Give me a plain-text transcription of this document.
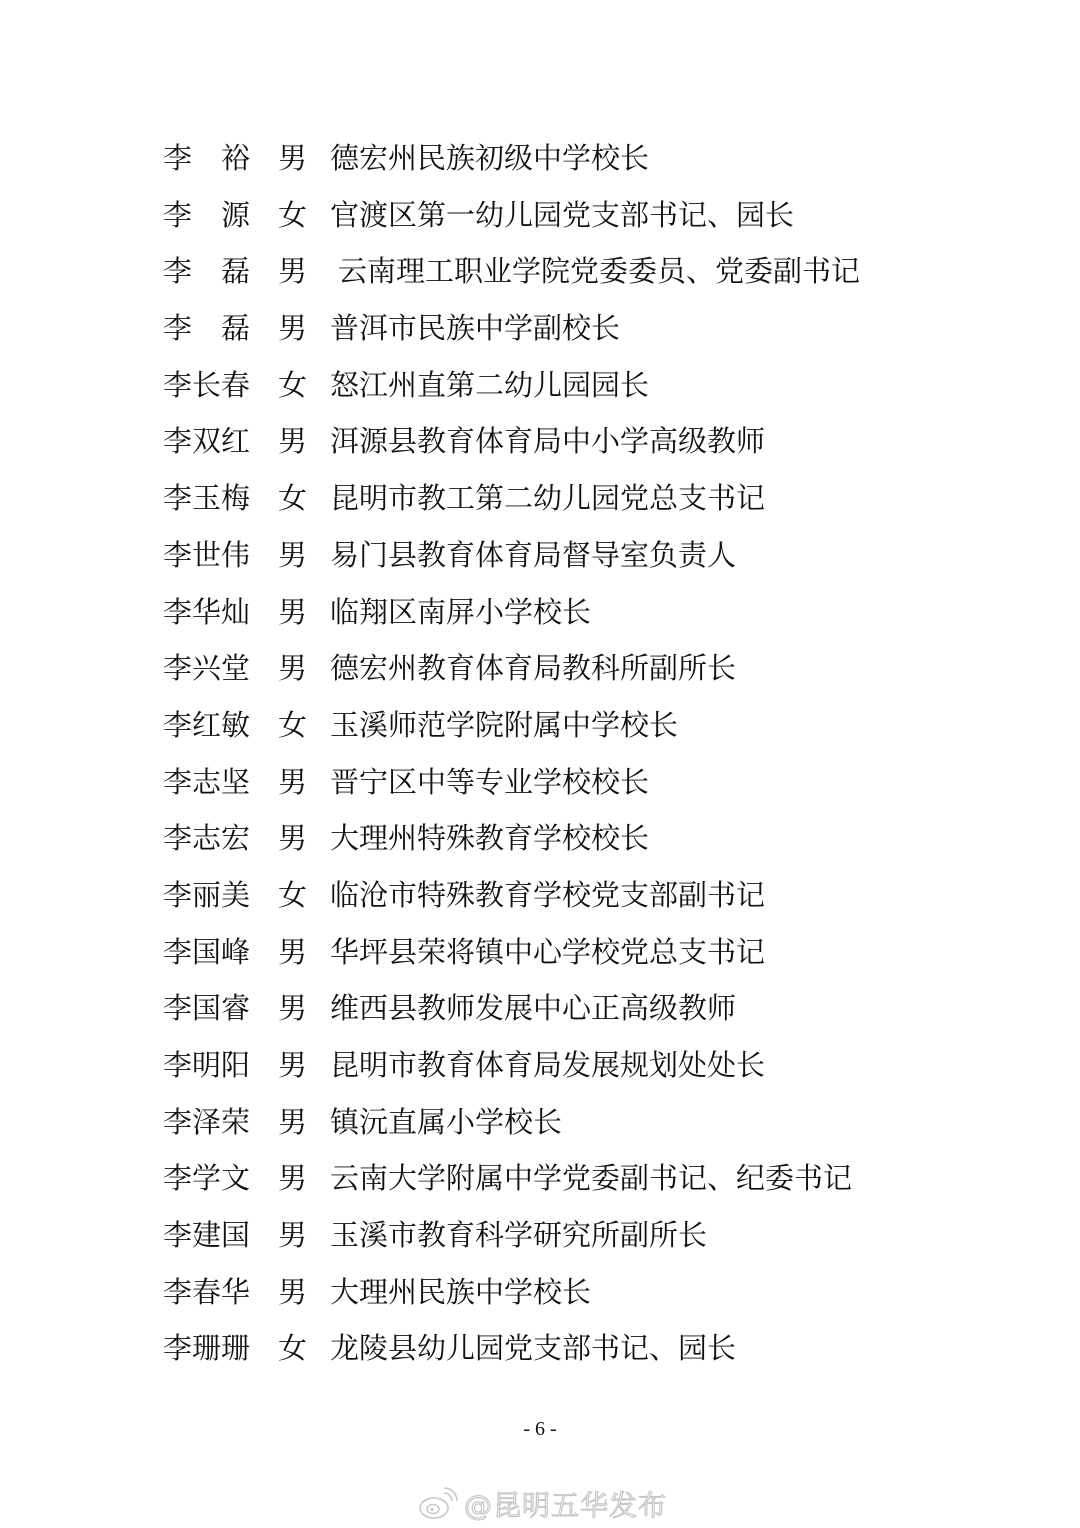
李　裕 男 德宏州民族初级中学校长
李　源 女 官渡区第一幼儿园党支部书记、园长
李　磊 男 云南理工职业学院党委委员、党委副书记
李　磊 男 普洱市民族中学副校长
李长春 女 怒江州直第二幼儿园园长
李双红 男 洱源县教育体育局中小学高级教师
李玉梅 女 昆明市教工第二幼儿园党总支书记
李世伟 男 易门县教育体育局督导室负责人
李华灿 男 临翔区南屏小学校长
李兴堂 男 德宏州教育体育局教科所副所长
李红敏 女 玉溪师范学院附属中学校长
李志坚 男 晋宁区中等专业学校校长
李志宏 男 大理州特殊教育学校校长
李丽美 女 临沧市特殊教育学校党支部副书记
李国峰 男 华坪县荣将镇中心学校党总支书记
李国睿 男 维西县教师发展中心正高级教师
李明阳 男 昆明市教育体育局发展规划处处长
李泽荣 男 镇沅直属小学校长
李学文 男 云南大学附属中学党委副书记、纪委书记
李建国 男 玉溪市教育科学研究所副所长
李春华 男 大理州民族中学校长
李珊珊 女 龙陵县幼儿园党支部书记、园长
- 6 -
@昆明五华发布
